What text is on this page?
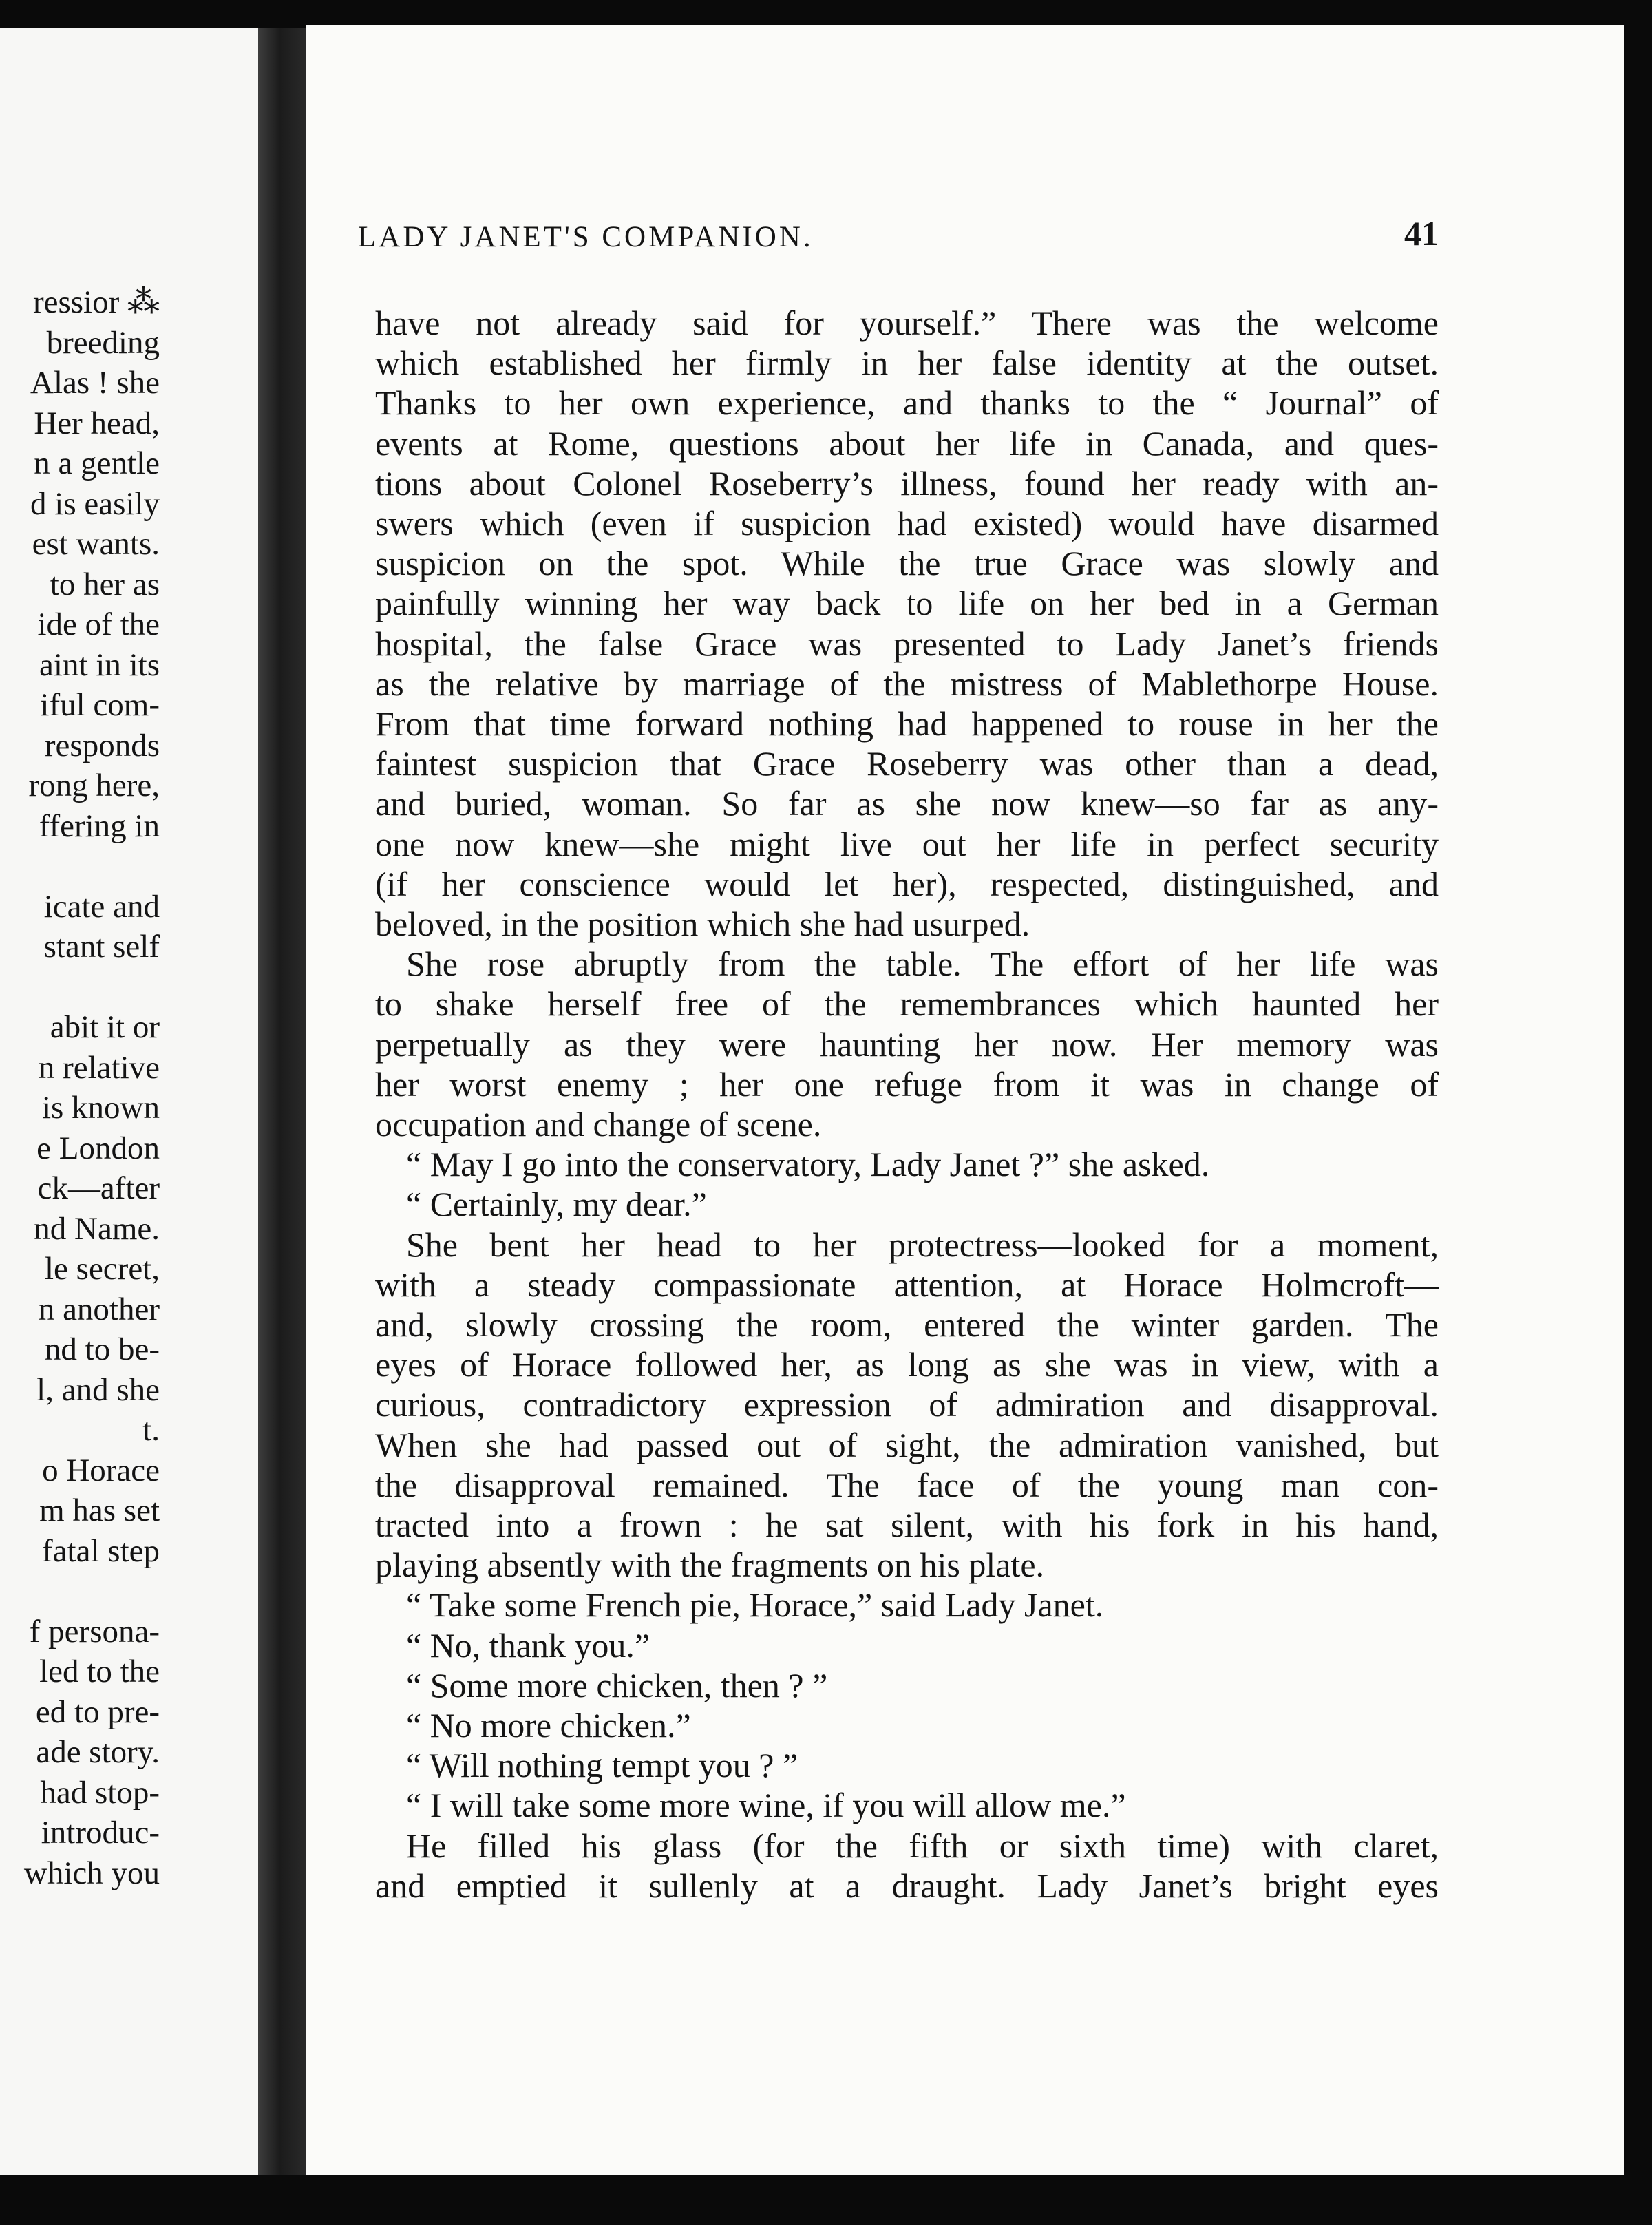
ressior ⁂
breeding
Alas ! she
Her head,
n a gentle
d is easily
est wants.
to her as
ide of the
aint in its
iful com-
responds
rong here,
ffering in
icate and
stant self
abit it or
n relative
is known
e London
ck—after
nd Name.
le secret,
n another
nd to be-
l, and she
t.
o Horace
m has set
fatal step
f persona-
led to the
ed to pre-
ade story.
had stop-
introduc-
which you
LADY JANET'S COMPANION.	41
have not already said for yourself.” There was the welcome
which established her firmly in her false identity at the outset.
Thanks to her own experience, and thanks to the “ Journal” of
events at Rome, questions about her life in Canada, and ques-
tions about Colonel Roseberry’s illness, found her ready with an-
swers which (even if suspicion had existed) would have disarmed
suspicion on the spot. While the true Grace was slowly and
painfully winning her way back to life on her bed in a German
hospital, the false Grace was presented to Lady Janet’s friends
as the relative by marriage of the mistress of Mablethorpe House.
From that time forward nothing had happened to rouse in her the
faintest suspicion that Grace Roseberry was other than a dead,
and buried, woman. So far as she now knew—so far as any-
one now knew—she might live out her life in perfect security
(if her conscience would let her), respected, distinguished, and
beloved, in the position which she had usurped.
She rose abruptly from the table. The effort of her life was
to shake herself free of the remembrances which haunted her
perpetually as they were haunting her now. Her memory was
her worst enemy ; her one refuge from it was in change of
occupation and change of scene.
“ May I go into the conservatory, Lady Janet ?” she asked.
“ Certainly, my dear.”
She bent her head to her protectress—looked for a moment,
with a steady compassionate attention, at Horace Holmcroft—
and, slowly crossing the room, entered the winter garden. The
eyes of Horace followed her, as long as she was in view, with a
curious, contradictory expression of admiration and disapproval.
When she had passed out of sight, the admiration vanished, but
the disapproval remained. The face of the young man con-
tracted into a frown : he sat silent, with his fork in his hand,
playing absently with the fragments on his plate.
“ Take some French pie, Horace,” said Lady Janet.
“ No, thank you.”
“ Some more chicken, then ? ”
“ No more chicken.”
“ Will nothing tempt you ? ”
“ I will take some more wine, if you will allow me.”
He filled his glass (for the fifth or sixth time) with claret,
and emptied it sullenly at a draught. Lady Janet’s bright eyes
